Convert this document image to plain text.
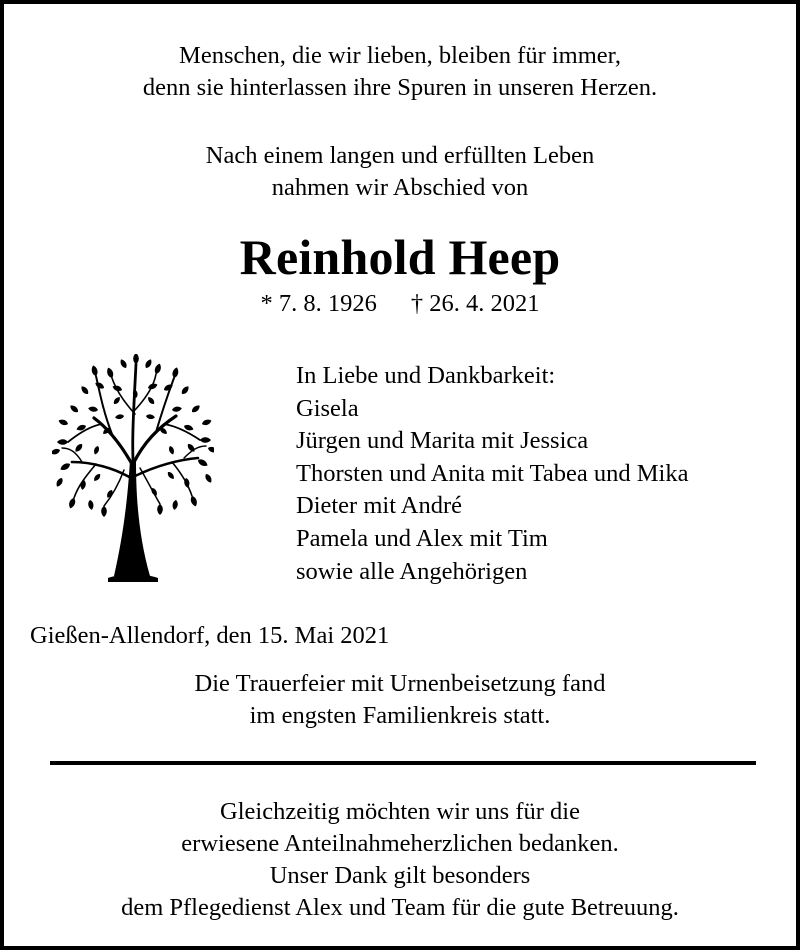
Menschen, die wir lieben, bleiben für immer,
denn sie hinterlassen ihre Spuren in unseren Herzen.
Nach einem langen und erfüllten Leben
nahmen wir Abschied von
Reinhold Heep
* 7. 8. 1926 † 26. 4. 2021
In Liebe und Dankbarkeit:
Gisela
Jürgen und Marita mit Jessica
Thorsten und Anita mit Tabea und Mika
Dieter mit André
Pamela und Alex mit Tim
sowie alle Angehörigen
Gießen-Allendorf, den 15. Mai 2021
Die Trauerfeier mit Urnenbeisetzung fand
im engsten Familienkreis statt.
Gleichzeitig möchten wir uns für die
erwiesene Anteilnahmeherzlichen bedanken.
Unser Dank gilt besonders
dem Pflegedienst Alex und Team für die gute Betreuung.
